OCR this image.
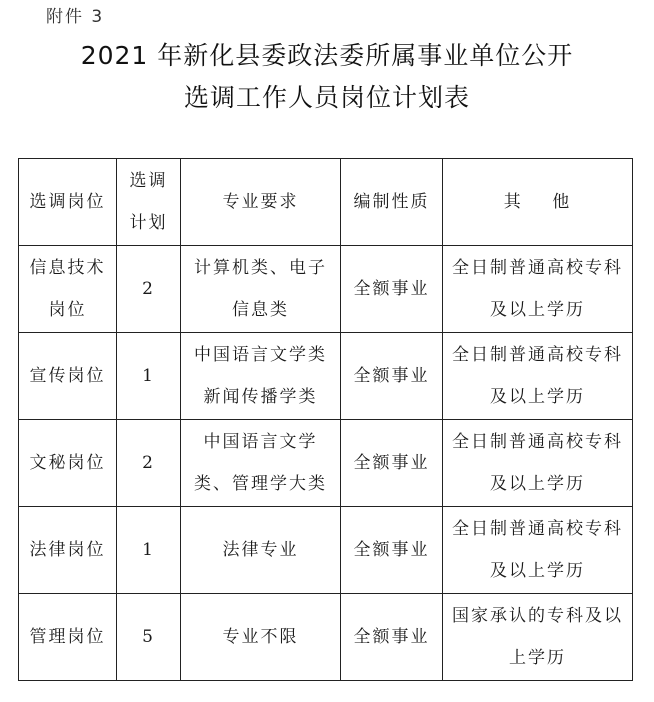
附件 3
2021 年新化县委政法委所属事业单位公开
选调工作人员岗位计划表
选调岗位	选调计划	专业要求	编制性质	其    他
信息技术岗位	2	计算机类、电子信息类	全额事业	全日制普通高校专科及以上学历
宣传岗位	1	中国语言文学类新闻传播学类	全额事业	全日制普通高校专科及以上学历
文秘岗位	2	中国语言文学类、管理学大类	全额事业	全日制普通高校专科及以上学历
法律岗位	1	法律专业	全额事业	全日制普通高校专科及以上学历
管理岗位	5	专业不限	全额事业	国家承认的专科及以上学历
